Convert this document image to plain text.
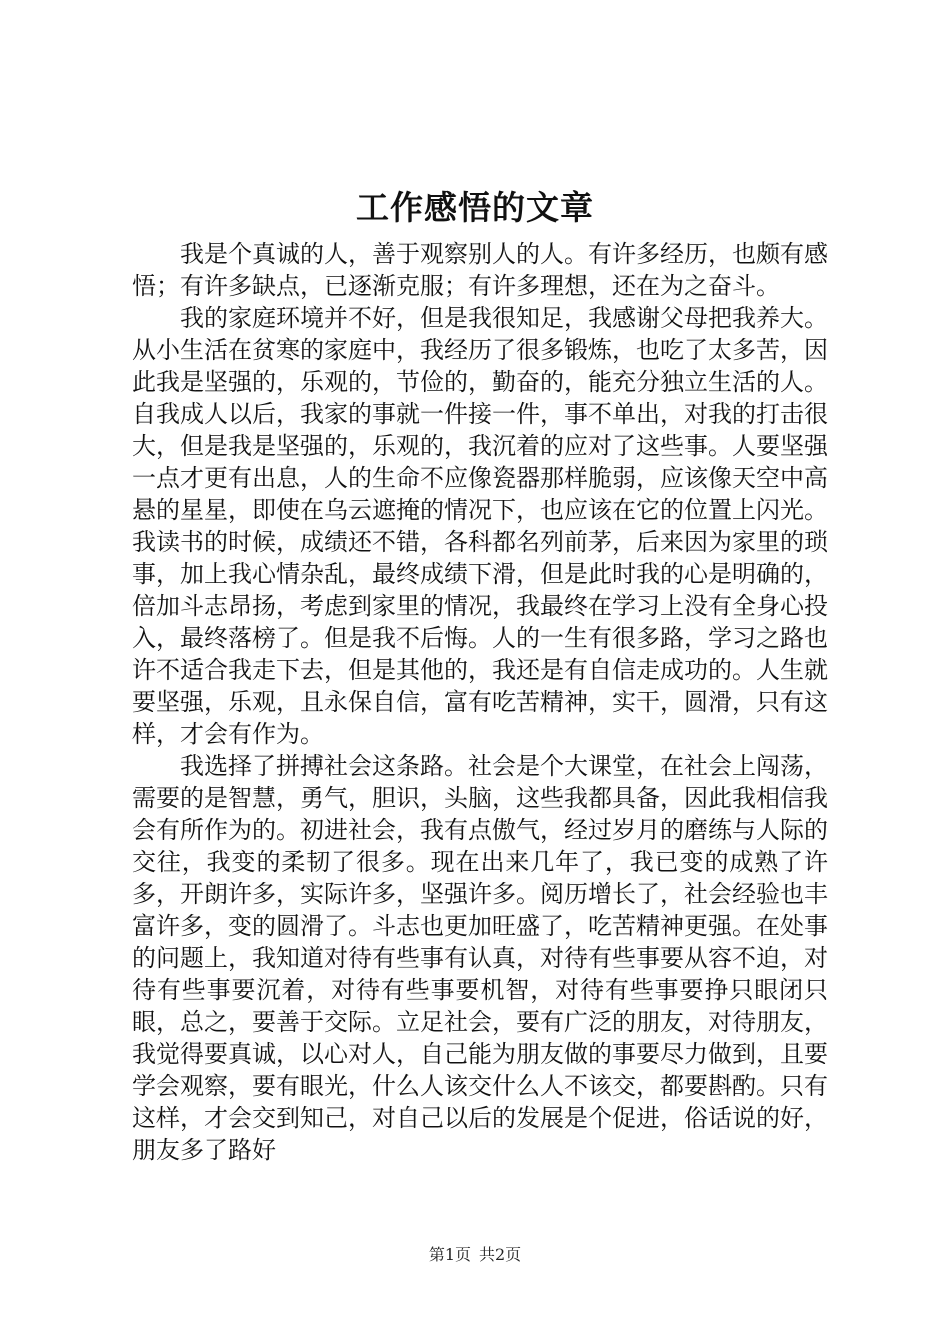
工作感悟的文章

我是个真诚的人，善于观察别人的人。有许多经历，也颇有感悟；有许多缺点，已逐渐克服；有许多理想，还在为之奋斗。

我的家庭环境并不好，但是我很知足，我感谢父母把我养大。从小生活在贫寒的家庭中，我经历了很多锻炼，也吃了太多苦，因此我是坚强的，乐观的，节俭的，勤奋的，能充分独立生活的人。自我成人以后，我家的事就一件接一件，事不单出，对我的打击很大，但是我是坚强的，乐观的，我沉着的应对了这些事。人要坚强一点才更有出息，人的生命不应像瓷器那样脆弱，应该像天空中高悬的星星，即使在乌云遮掩的情况下，也应该在它的位置上闪光。我读书的时候，成绩还不错，各科都名列前茅，后来因为家里的琐事，加上我心情杂乱，最终成绩下滑，但是此时我的心是明确的，倍加斗志昂扬，考虑到家里的情况，我最终在学习上没有全身心投入，最终落榜了。但是我不后悔。人的一生有很多路，学习之路也许不适合我走下去，但是其他的，我还是有自信走成功的。人生就要坚强，乐观，且永保自信，富有吃苦精神，实干，圆滑，只有这样，才会有作为。

我选择了拼搏社会这条路。社会是个大课堂，在社会上闯荡，需要的是智慧，勇气，胆识，头脑，这些我都具备，因此我相信我会有所作为的。初进社会，我有点傲气，经过岁月的磨练与人际的交往，我变的柔韧了很多。现在出来几年了，我已变的成熟了许多，开朗许多，实际许多，坚强许多。阅历增长了，社会经验也丰富许多，变的圆滑了。斗志也更加旺盛了，吃苦精神更强。在处事的问题上，我知道对待有些事有认真，对待有些事要从容不迫，对待有些事要沉着，对待有些事要机智，对待有些事要挣只眼闭只眼，总之，要善于交际。立足社会，要有广泛的朋友，对待朋友，我觉得要真诚，以心对人，自己能为朋友做的事要尽力做到，且要学会观察，要有眼光，什么人该交什么人不该交，都要斟酌。只有这样，才会交到知己，对自己以后的发展是个促进，俗话说的好，朋友多了路好

第1页 共2页
